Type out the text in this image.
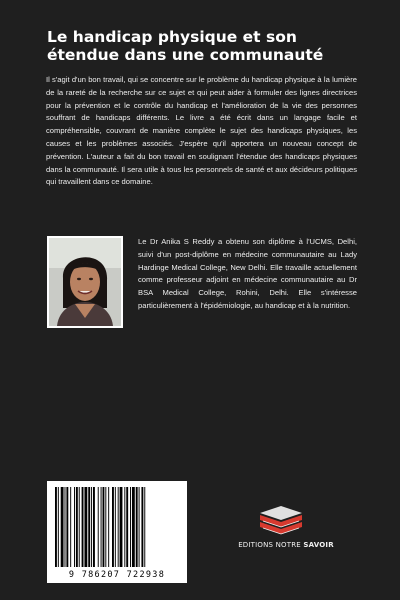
Le handicap physique et son étendue dans une communauté

Il s'agit d'un bon travail, qui se concentre sur le problème du handicap physique à la lumière de la rareté de la recherche sur ce sujet et qui peut aider à formuler des lignes directrices pour la prévention et le contrôle du handicap et l'amélioration de la vie des personnes souffrant de handicaps différents. Le livre a été écrit dans un langage facile et compréhensible, couvrant de manière complète le sujet des handicaps physiques, les causes et les problèmes associés. J'espère qu'il apportera un nouveau concept de prévention. L'auteur a fait du bon travail en soulignant l'étendue des handicaps physiques dans la communauté. Il sera utile à tous les personnels de santé et aux décideurs politiques qui travaillent dans ce domaine.

Le Dr Anika S Reddy a obtenu son diplôme à l'UCMS, Delhi, suivi d'un post-diplôme en médecine communautaire au Lady Hardinge Medical College, New Delhi. Elle travaille actuellement comme professeur adjoint en médecine communautaire au Dr BSA Medical College, Rohini, Delhi. Elle s'intéresse particulièrement à l'épidémiologie, au handicap et à la nutrition.

9 786207 722938
EDITIONS NOTRE SAVOIR
